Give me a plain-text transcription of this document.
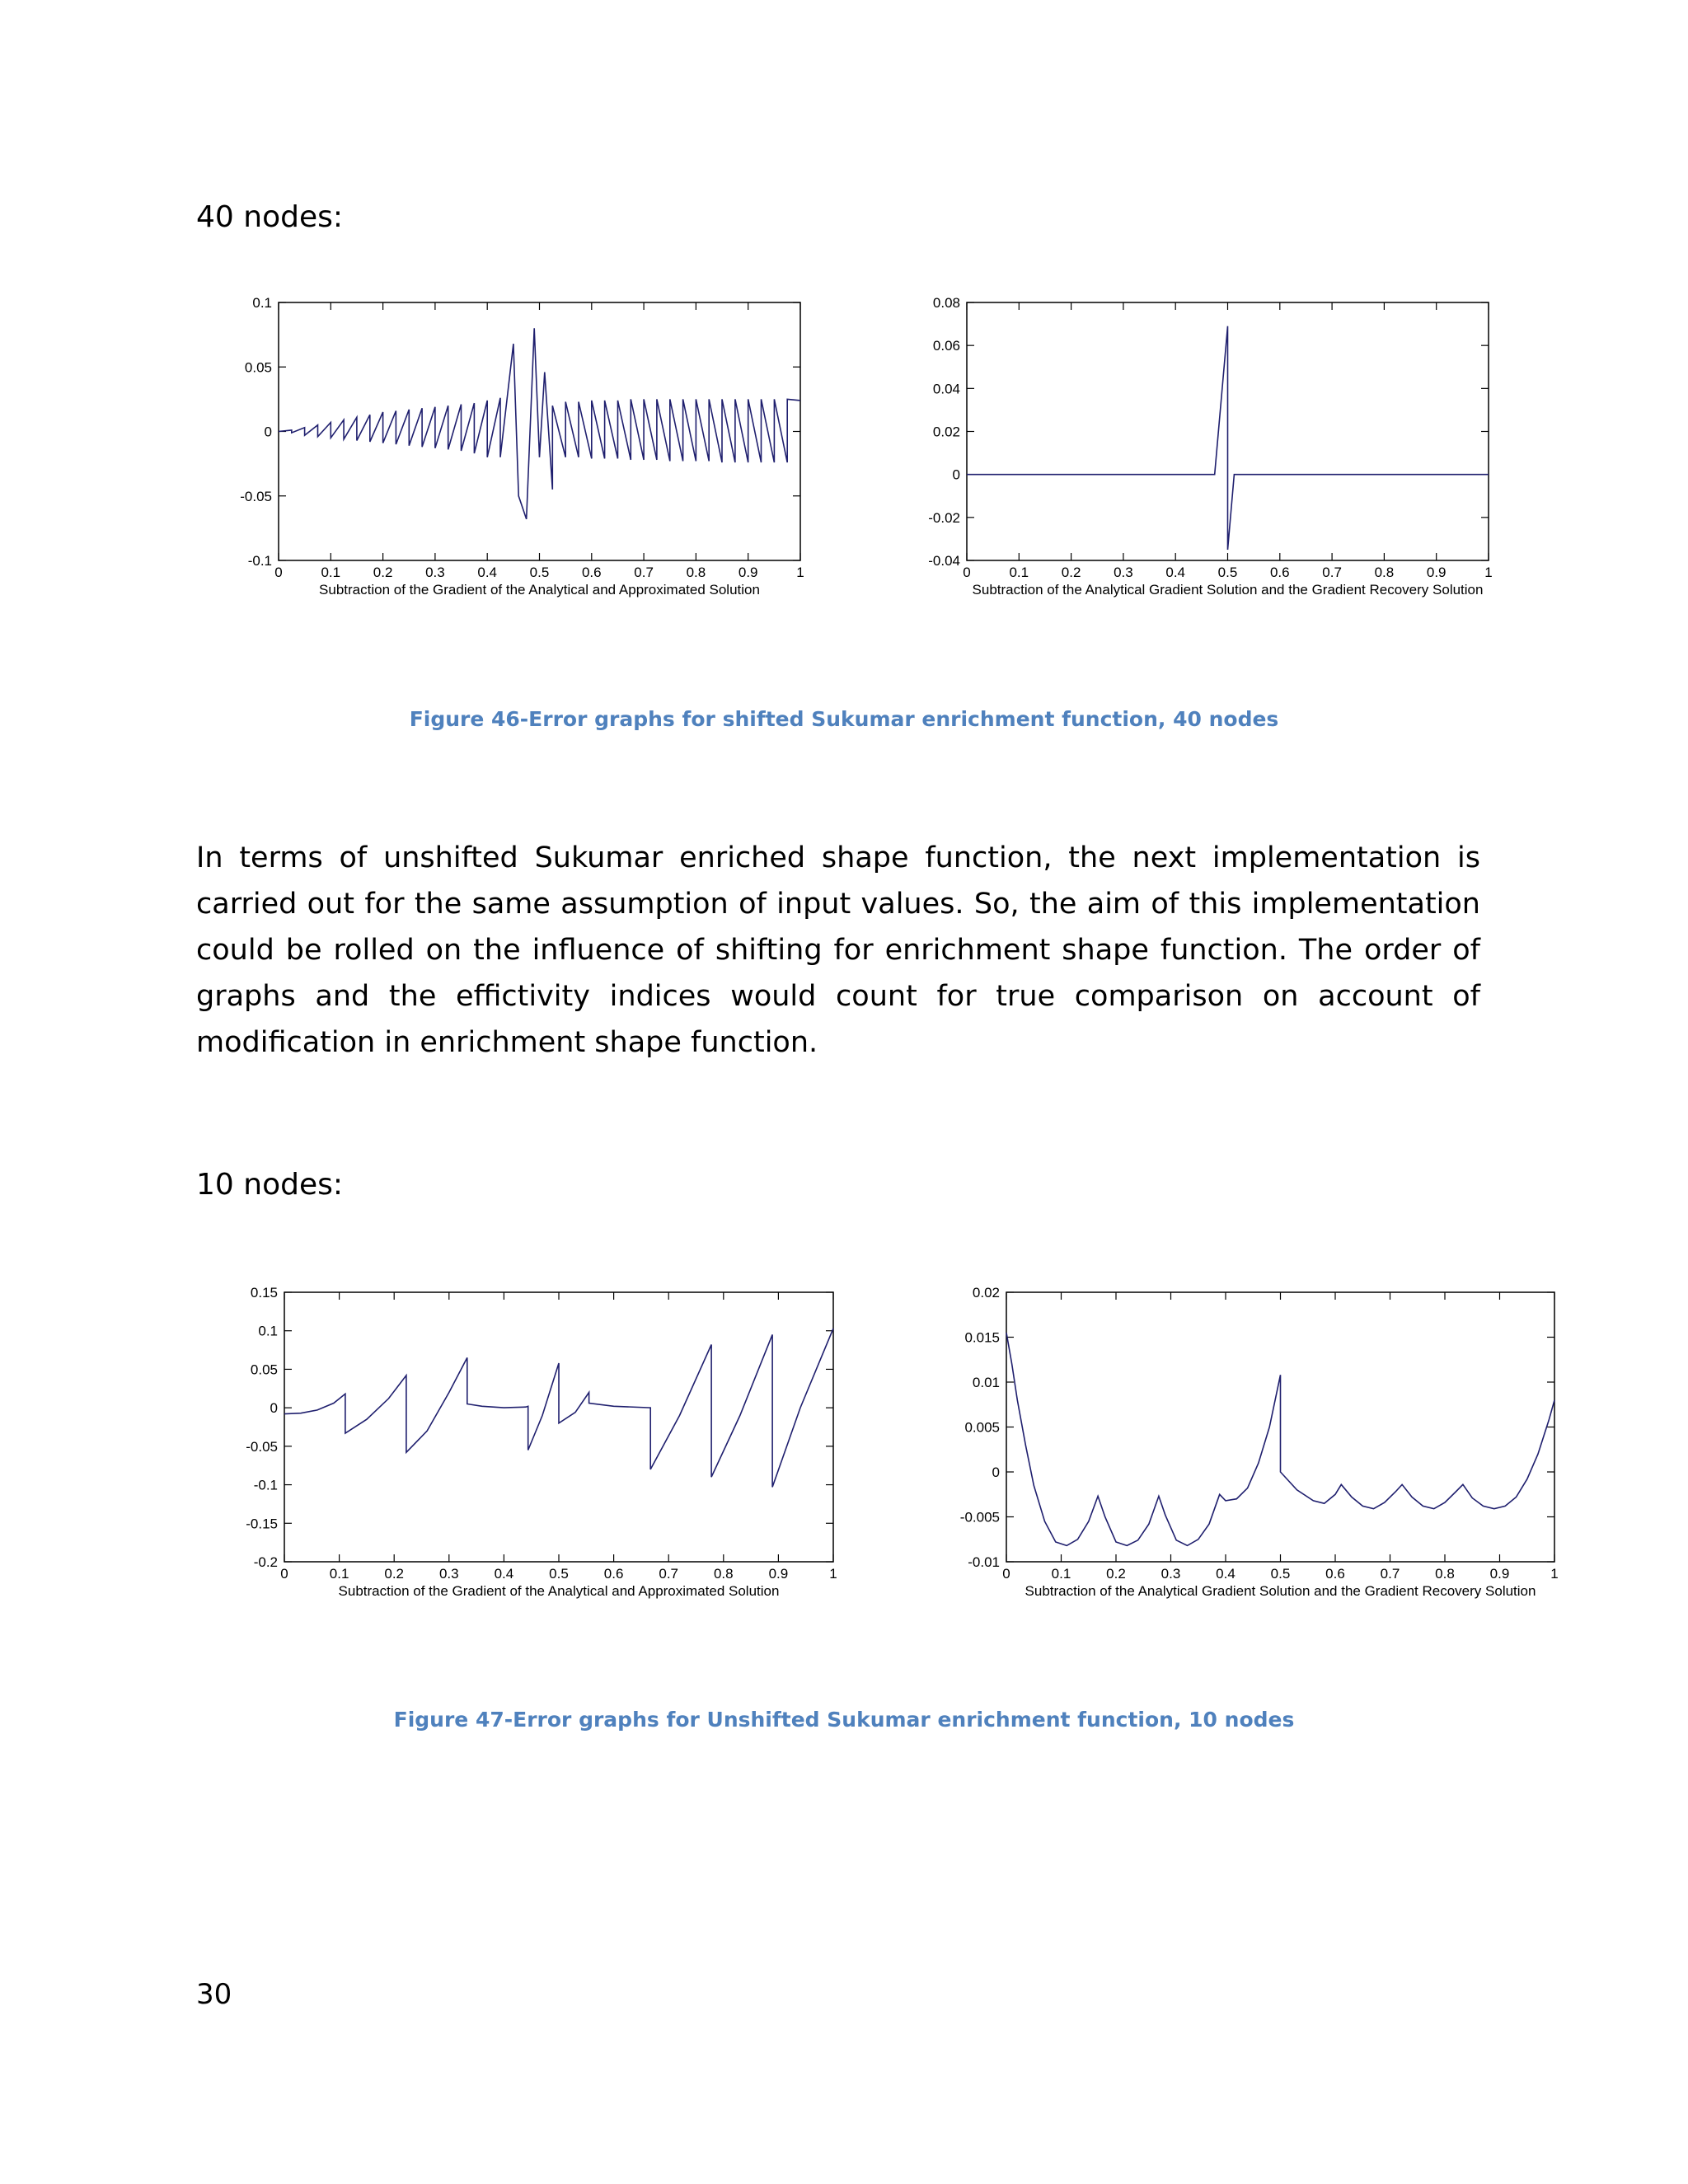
40 nodes:
0	0.1 0.2 0.3 0.4 0.5 0.6 0.7 0.8 0.9	1
0.1
0.05
0
-0.05
-0.1
Subtraction of the Gradient of the Analytical and Approximated Solution
0	0.1 0.2 0.3 0.4 0.5 0.6 0.7 0.8 0.9	1
0.08
0.06
0.04
0.02
0
-0.02
-0.04
Subtraction of the Analytical Gradient Solution and the Gradient Recovery Solution
Figure 46-Error graphs for shifted Sukumar enrichment function, 40 nodes

In terms of unshifted Sukumar enriched shape function, the next implementation is carried out for the same assumption of input values. So, the aim of this implementation could be rolled on the influence of shifting for enrichment shape function. The order of graphs and the effictivity indices would count for true comparison on account of modification in enrichment shape function.

10 nodes:
0	0.1	0.2	0.3	0.4	0.5	0.6	0.7	0.8	0.9	1
0.15
0.1
0.05
0
-0.05
-0.1
-0.15
-0.2
Subtraction of the Gradient of the Analytical and Approximated Solution
0	0.1	0.2	0.3	0.4	0.5	0.6	0.7	0.8	0.9	1
0.02
0.015
0.01
0.005
0
-0.005
-0.01
Subtraction of the Analytical Gradient Solution and the Gradient Recovery Solution
Figure 47-Error graphs for Unshifted Sukumar enrichment function, 10 nodes
30
